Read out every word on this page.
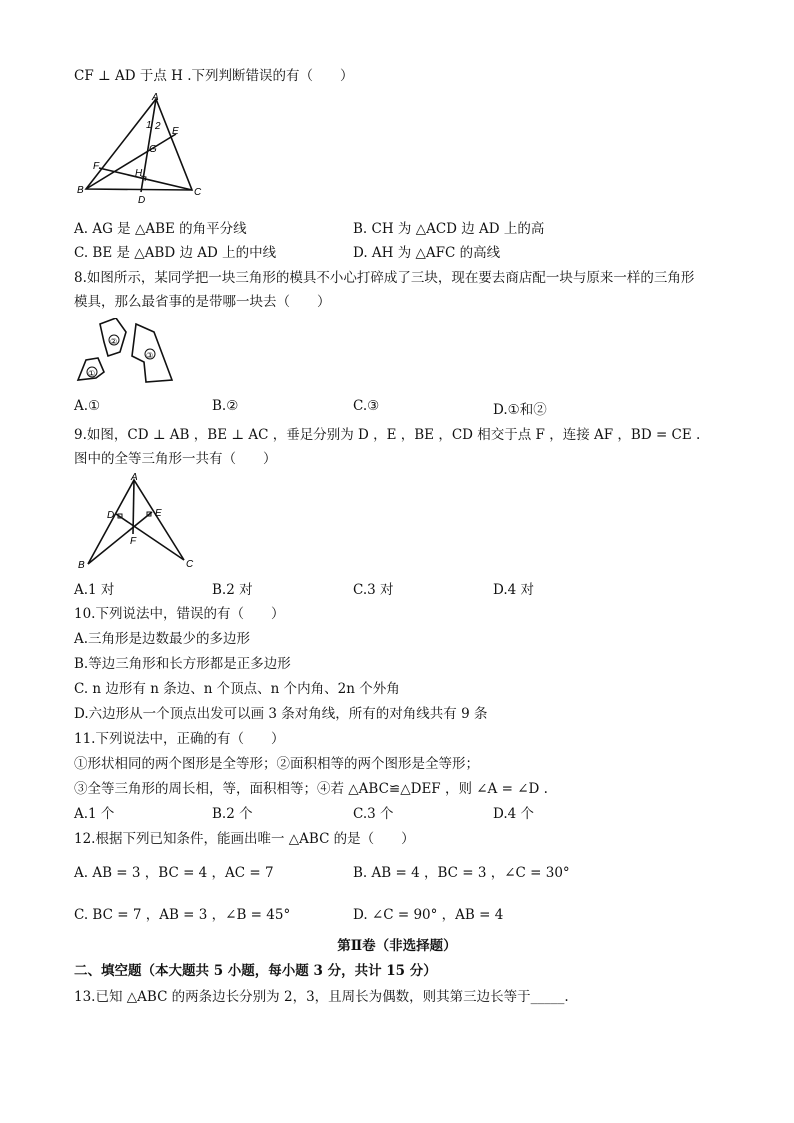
CF ⊥ AD 于点 H .下列判断错误的有（　　）
A
B	C
D
E
F
G
H
1 2
A. AG 是 △ABE 的角平分线	B. CH 为 △ACD 边 AD 上的高
C. BE 是 △ABD 边 AD 上的中线	D. AH 为 △AFC 的高线
8.如图所示，某同学把一块三角形的模具不小心打碎成了三块，现在要去商店配一块与原来一样的三角形
模具，那么最省事的是带哪一块去（　　）
①
②
③
A.①	B.②	C.③	D.①和②
9.如图，CD ⊥ AB ，BE ⊥ AC ，垂足分别为 D ，E ，BE ，CD 相交于点 F ，连接 AF ，BD = CE .
图中的全等三角形一共有（　　）
A
B	C
D	E
F
A.1 对	B.2 对	C.3 对	D.4 对
10.下列说法中，错误的有（　　）
A.三角形是边数最少的多边形
B.等边三角形和长方形都是正多边形
C. n 边形有 n 条边、n 个顶点、n 个内角、2n 个外角
D.六边形从一个顶点出发可以画 3 条对角线，所有的对角线共有 9 条
11.下列说法中，正确的有（　　）
①形状相同的两个图形是全等形；②面积相等的两个图形是全等形；
③全等三角形的周长相，等，面积相等；④若 △ABC≌△DEF ，则 ∠A = ∠D .
A.1 个	B.2 个	C.3 个	D.4 个
12.根据下列已知条件，能画出唯一 △ABC 的是（　　）
A. AB = 3 ，BC = 4 ，AC = 7	B. AB = 4 ，BC = 3 ，∠C = 30°
C. BC = 7 ，AB = 3 ，∠B = 45°	D. ∠C = 90° ，AB = 4
第Ⅱ卷（非选择题）
二、填空题（本大题共 5 小题，每小题 3 分，共计 15 分）
13.已知 △ABC 的两条边长分别为 2，3，且周长为偶数，则其第三边长等于_____.
